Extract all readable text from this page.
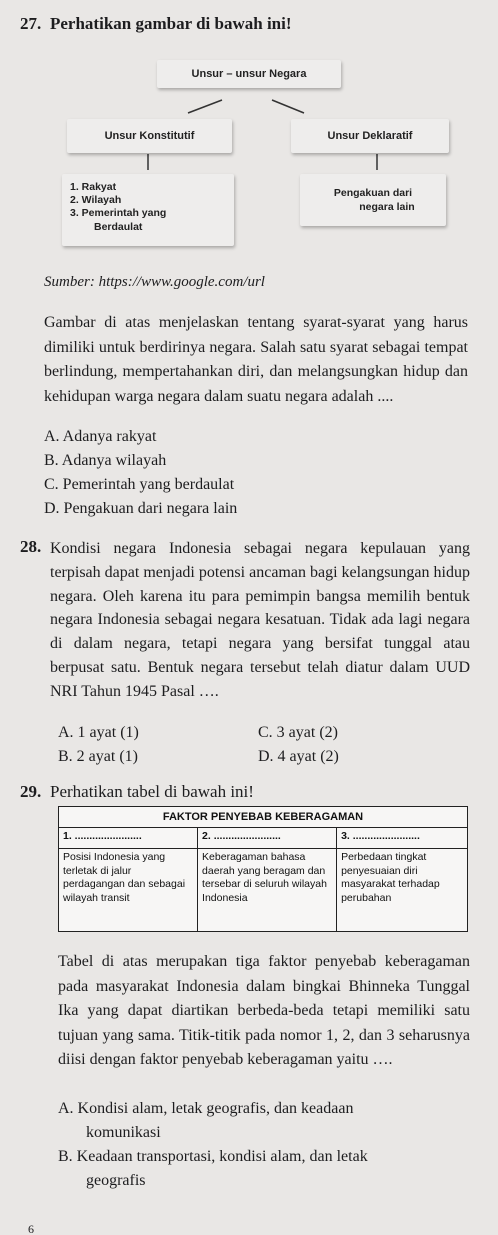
27. Perhatikan gambar di bawah ini!
Unsur – unsur Negara
Unsur Konstitutif	Unsur Deklaratif
1. Rakyat
2. Wilayah
3. Pemerintah yang
Berdaulat
Pengakuan dari
negara lain
Sumber: https://www.google.com/url
Gambar di atas menjelaskan tentang syarat-syarat yang harus dimiliki untuk berdirinya negara. Salah satu syarat sebagai tempat berlindung, mempertahankan diri, dan melangsungkan hidup dan kehidupan warga negara dalam suatu negara adalah ....
A. Adanya rakyat
B. Adanya wilayah
C. Pemerintah yang berdaulat
D. Pengakuan dari negara lain
28. Kondisi negara Indonesia sebagai negara kepulauan yang terpisah dapat menjadi potensi ancaman bagi kelangsungan hidup negara. Oleh karena itu para pemimpin bangsa memilih bentuk negara Indonesia sebagai negara kesatuan. Tidak ada lagi negara di dalam negara, tetapi negara yang bersifat tunggal atau berpusat satu. Bentuk negara tersebut telah diatur dalam UUD NRI Tahun 1945 Pasal ….
A. 1 ayat (1)	C. 3 ayat (2)
B. 2 ayat (1)	D. 4 ayat (2)
29. Perhatikan tabel di bawah ini!
FAKTOR PENYEBAB KEBERAGAMAN		
1. .......................	2. .......................	3. .......................
Posisi Indonesia yang terletak di jalur perdagangan dan sebagai wilayah transit	Keberagaman bahasa daerah yang beragam dan tersebar di seluruh wilayah Indonesia	Perbedaan tingkat penyesuaian diri masyarakat terhadap perubahan
Tabel di atas merupakan tiga faktor penyebab keberagaman pada masyarakat Indonesia dalam bingkai Bhinneka Tunggal Ika yang dapat diartikan berbeda-beda tetapi memiliki satu tujuan yang sama. Titik-titik pada nomor 1, 2, dan 3 seharusnya diisi dengan faktor penyebab keberagaman yaitu ….
A. Kondisi alam, letak geografis, dan keadaan
komunikasi
B. Keadaan transportasi, kondisi alam, dan letak
geografis
6
